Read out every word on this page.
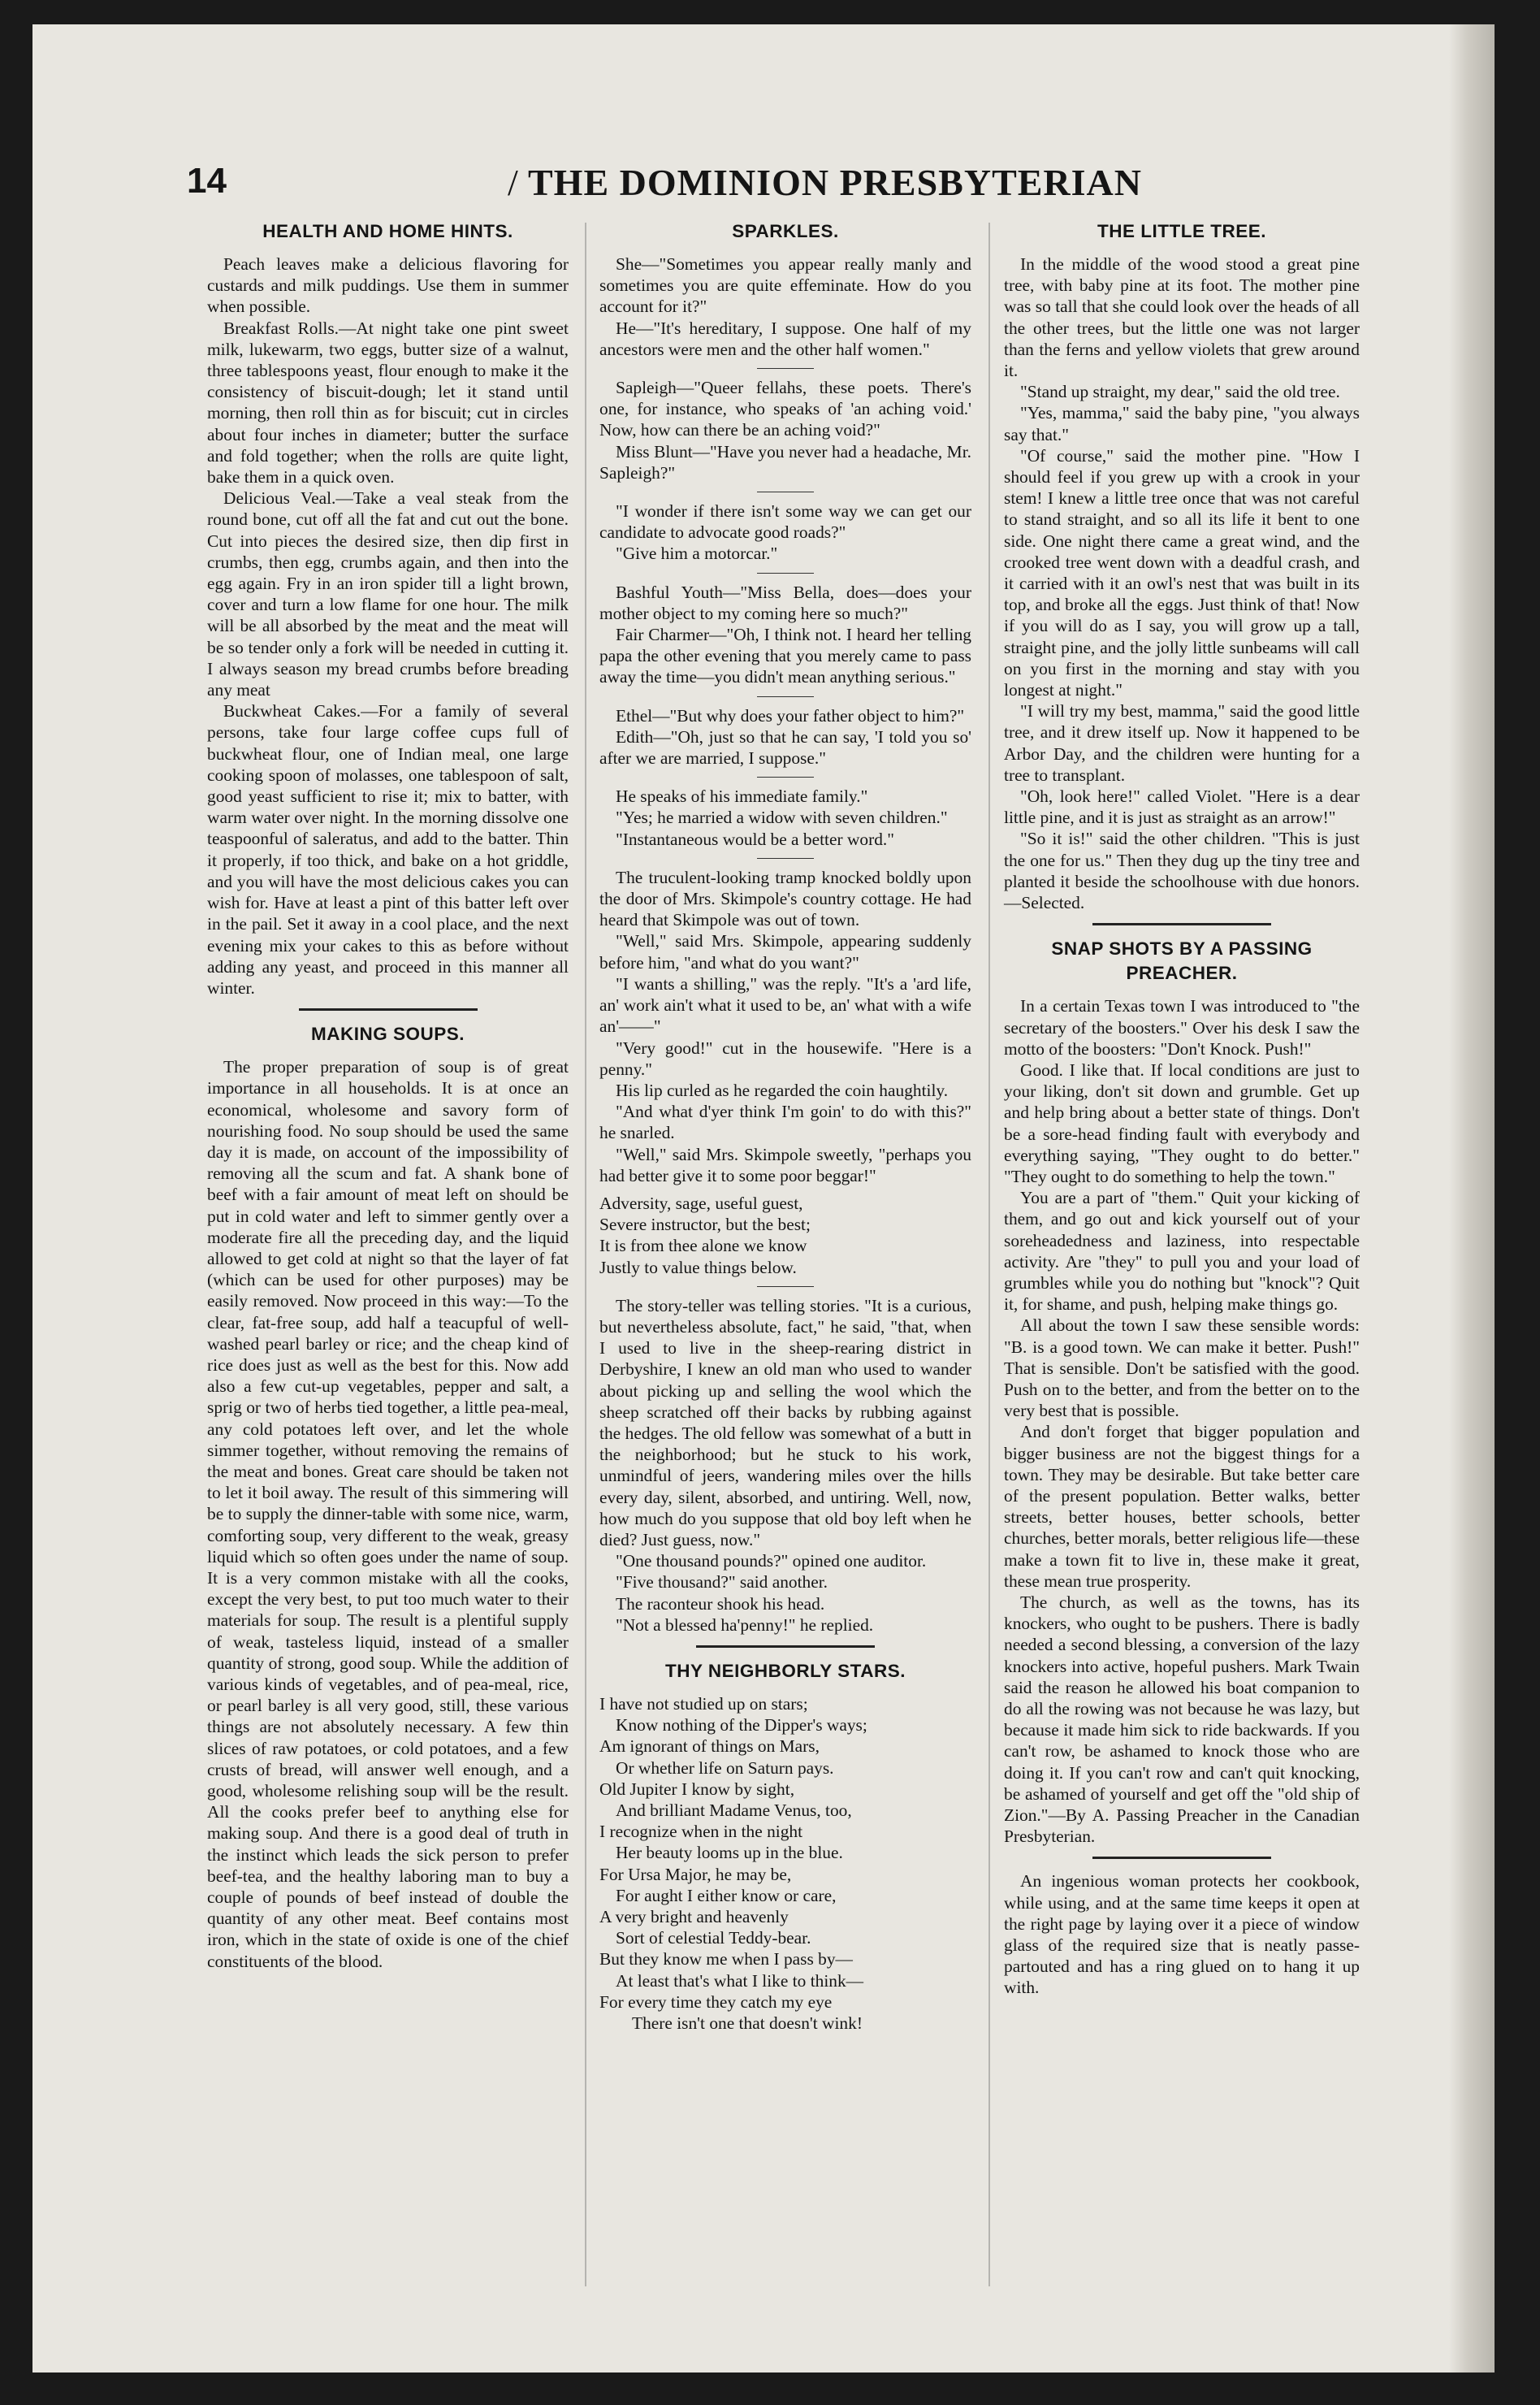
14	/ THE DOMINION PRESBYTERIAN
HEALTH AND HOME HINTS.

Peach leaves make a delicious flavoring for custards and milk puddings. Use them in summer when possible.

Breakfast Rolls.—At night take one pint sweet milk, lukewarm, two eggs, butter size of a walnut, three tablespoons yeast, flour enough to make it the consistency of biscuit-dough; let it stand until morning, then roll thin as for biscuit; cut in circles about four inches in diameter; butter the surface and fold together; when the rolls are quite light, bake them in a quick oven.

Delicious Veal.—Take a veal steak from the round bone, cut off all the fat and cut out the bone. Cut into pieces the desired size, then dip first in crumbs, then egg, crumbs again, and then into the egg again. Fry in an iron spider till a light brown, cover and turn a low flame for one hour. The milk will be all absorbed by the meat and the meat will be so tender only a fork will be needed in cutting it. I always season my bread crumbs before breading any meat

Buckwheat Cakes.—For a family of several persons, take four large coffee cups full of buckwheat flour, one of Indian meal, one large cooking spoon of molasses, one tablespoon of salt, good yeast sufficient to rise it; mix to batter, with warm water over night. In the morning dissolve one teaspoonful of saleratus, and add to the batter. Thin it properly, if too thick, and bake on a hot griddle, and you will have the most delicious cakes you can wish for. Have at least a pint of this batter left over in the pail. Set it away in a cool place, and the next evening mix your cakes to this as before without adding any yeast, and proceed in this manner all winter.

MAKING SOUPS.

The proper preparation of soup is of great importance in all households. It is at once an economical, wholesome and savory form of nourishing food. No soup should be used the same day it is made, on account of the impossibility of removing all the scum and fat. A shank bone of beef with a fair amount of meat left on should be put in cold water and left to simmer gently over a moderate fire all the preceding day, and the liquid allowed to get cold at night so that the layer of fat (which can be used for other purposes) may be easily removed. Now proceed in this way:—To the clear, fat-free soup, add half a teacupful of well-washed pearl barley or rice; and the cheap kind of rice does just as well as the best for this. Now add also a few cut-up vegetables, pepper and salt, a sprig or two of herbs tied together, a little pea-meal, any cold potatoes left over, and let the whole simmer together, without removing the remains of the meat and bones. Great care should be taken not to let it boil away. The result of this simmering will be to supply the dinner-table with some nice, warm, comforting soup, very different to the weak, greasy liquid which so often goes under the name of soup. It is a very common mistake with all the cooks, except the very best, to put too much water to their materials for soup. The result is a plentiful supply of weak, tasteless liquid, instead of a smaller quantity of strong, good soup. While the addition of various kinds of vegetables, and of pea-meal, rice, or pearl barley is all very good, still, these various things are not absolutely necessary. A few thin slices of raw potatoes, or cold potatoes, and a few crusts of bread, will answer well enough, and a good, wholesome relishing soup will be the result. All the cooks prefer beef to anything else for making soup. And there is a good deal of truth in the instinct which leads the sick person to prefer beef-tea, and the healthy laboring man to buy a couple of pounds of beef instead of double the quantity of any other meat. Beef contains most iron, which in the state of oxide is one of the chief constituents of the blood.

SPARKLES.

She—"Sometimes you appear really manly and sometimes you are quite effeminate. How do you account for it?"

He—"It's hereditary, I suppose. One half of my ancestors were men and the other half women."

Sapleigh—"Queer fellahs, these poets. There's one, for instance, who speaks of 'an aching void.' Now, how can there be an aching void?"

Miss Blunt—"Have you never had a headache, Mr. Sapleigh?"

"I wonder if there isn't some way we can get our candidate to advocate good roads?"

"Give him a motorcar."

Bashful Youth—"Miss Bella, does—does your mother object to my coming here so much?"

Fair Charmer—"Oh, I think not. I heard her telling papa the other evening that you merely came to pass away the time—you didn't mean anything serious."

Ethel—"But why does your father object to him?"

Edith—"Oh, just so that he can say, 'I told you so' after we are married, I suppose."

He speaks of his immediate family."

"Yes; he married a widow with seven children."

"Instantaneous would be a better word."

The truculent-looking tramp knocked boldly upon the door of Mrs. Skimpole's country cottage. He had heard that Skimpole was out of town.

"Well," said Mrs. Skimpole, appearing suddenly before him, "and what do you want?"

"I wants a shilling," was the reply. "It's a 'ard life, an' work ain't what it used to be, an' what with a wife an'——"

"Very good!" cut in the housewife. "Here is a penny."

His lip curled as he regarded the coin haughtily.

"And what d'yer think I'm goin' to do with this?" he snarled.

"Well," said Mrs. Skimpole sweetly, "perhaps you had better give it to some poor beggar!"

Adversity, sage, useful guest,

Severe instructor, but the best;

It is from thee alone we know

Justly to value things below.

The story-teller was telling stories. "It is a curious, but nevertheless absolute, fact," he said, "that, when I used to live in the sheep-rearing district in Derbyshire, I knew an old man who used to wander about picking up and selling the wool which the sheep scratched off their backs by rubbing against the hedges. The old fellow was somewhat of a butt in the neighborhood; but he stuck to his work, unmindful of jeers, wandering miles over the hills every day, silent, absorbed, and untiring. Well, now, how much do you suppose that old boy left when he died? Just guess, now."

"One thousand pounds?" opined one auditor.

"Five thousand?" said another.

The raconteur shook his head.

"Not a blessed ha'penny!" he replied.

THY NEIGHBORLY STARS.

I have not studied up on stars;

Know nothing of the Dipper's ways;

Am ignorant of things on Mars,

Or whether life on Saturn pays.

Old Jupiter I know by sight,

And brilliant Madame Venus, too,

I recognize when in the night

Her beauty looms up in the blue.

For Ursa Major, he may be,

For aught I either know or care,

A very bright and heavenly

Sort of celestial Teddy-bear.

But they know me when I pass by—

At least that's what I like to think—

For every time they catch my eye

There isn't one that doesn't wink!

THE LITTLE TREE.

In the middle of the wood stood a great pine tree, with baby pine at its foot. The mother pine was so tall that she could look over the heads of all the other trees, but the little one was not larger than the ferns and yellow violets that grew around it.

"Stand up straight, my dear," said the old tree.

"Yes, mamma," said the baby pine, "you always say that."

"Of course," said the mother pine. "How I should feel if you grew up with a crook in your stem! I knew a little tree once that was not careful to stand straight, and so all its life it bent to one side. One night there came a great wind, and the crooked tree went down with a deadful crash, and it carried with it an owl's nest that was built in its top, and broke all the eggs. Just think of that! Now if you will do as I say, you will grow up a tall, straight pine, and the jolly little sunbeams will call on you first in the morning and stay with you longest at night."

"I will try my best, mamma," said the good little tree, and it drew itself up. Now it happened to be Arbor Day, and the children were hunting for a tree to transplant.

"Oh, look here!" called Violet. "Here is a dear little pine, and it is just as straight as an arrow!"

"So it is!" said the other children. "This is just the one for us." Then they dug up the tiny tree and planted it beside the schoolhouse with due honors.—Selected.

SNAP SHOTS BY A PASSING PREACHER.

In a certain Texas town I was introduced to "the secretary of the boosters." Over his desk I saw the motto of the boosters: "Don't Knock. Push!"

Good. I like that. If local conditions are just to your liking, don't sit down and grumble. Get up and help bring about a better state of things. Don't be a sore-head finding fault with everybody and everything saying, "They ought to do better." "They ought to do something to help the town."

You are a part of "them." Quit your kicking of them, and go out and kick yourself out of your soreheadedness and laziness, into respectable activity. Are "they" to pull you and your load of grumbles while you do nothing but "knock"? Quit it, for shame, and push, helping make things go.

All about the town I saw these sensible words: "B. is a good town. We can make it better. Push!" That is sensible. Don't be satisfied with the good. Push on to the better, and from the better on to the very best that is possible.

And don't forget that bigger population and bigger business are not the biggest things for a town. They may be desirable. But take better care of the present population. Better walks, better streets, better houses, better schools, better churches, better morals, better religious life—these make a town fit to live in, these make it great, these mean true prosperity.

The church, as well as the towns, has its knockers, who ought to be pushers. There is badly needed a second blessing, a conversion of the lazy knockers into active, hopeful pushers. Mark Twain said the reason he allowed his boat companion to do all the rowing was not because he was lazy, but because it made him sick to ride backwards. If you can't row, be ashamed to knock those who are doing it. If you can't row and can't quit knocking, be ashamed of yourself and get off the "old ship of Zion."—By A. Passing Preacher in the Canadian Presbyterian.

An ingenious woman protects her cookbook, while using, and at the same time keeps it open at the right page by laying over it a piece of window glass of the required size that is neatly passe-partouted and has a ring glued on to hang it up with.
